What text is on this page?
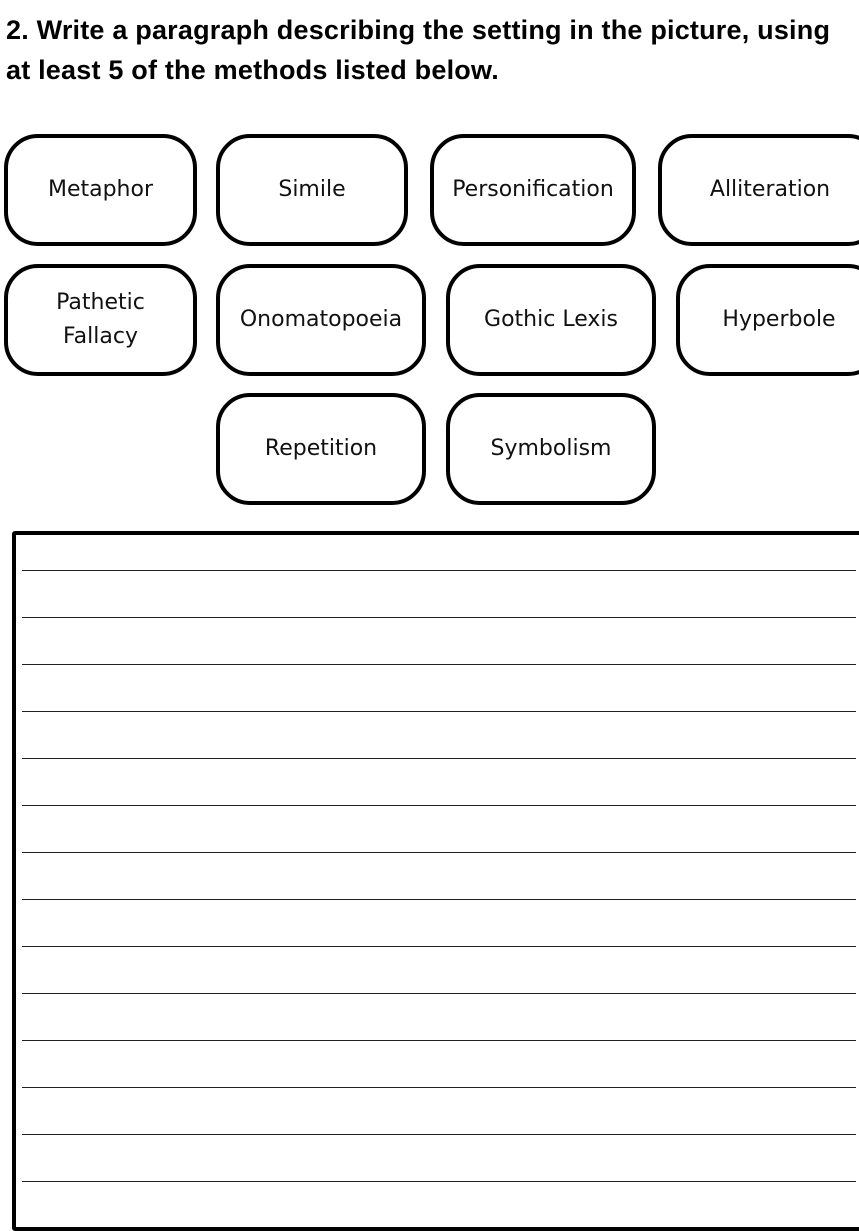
2. Write a paragraph describing the setting in the picture, using at least 5 of the methods listed below.
Metaphor	Simile	Personification	Alliteration
Pathetic Fallacy
Onomatopoeia	Gothic Lexis	Hyperbole
Repetition	Symbolism
